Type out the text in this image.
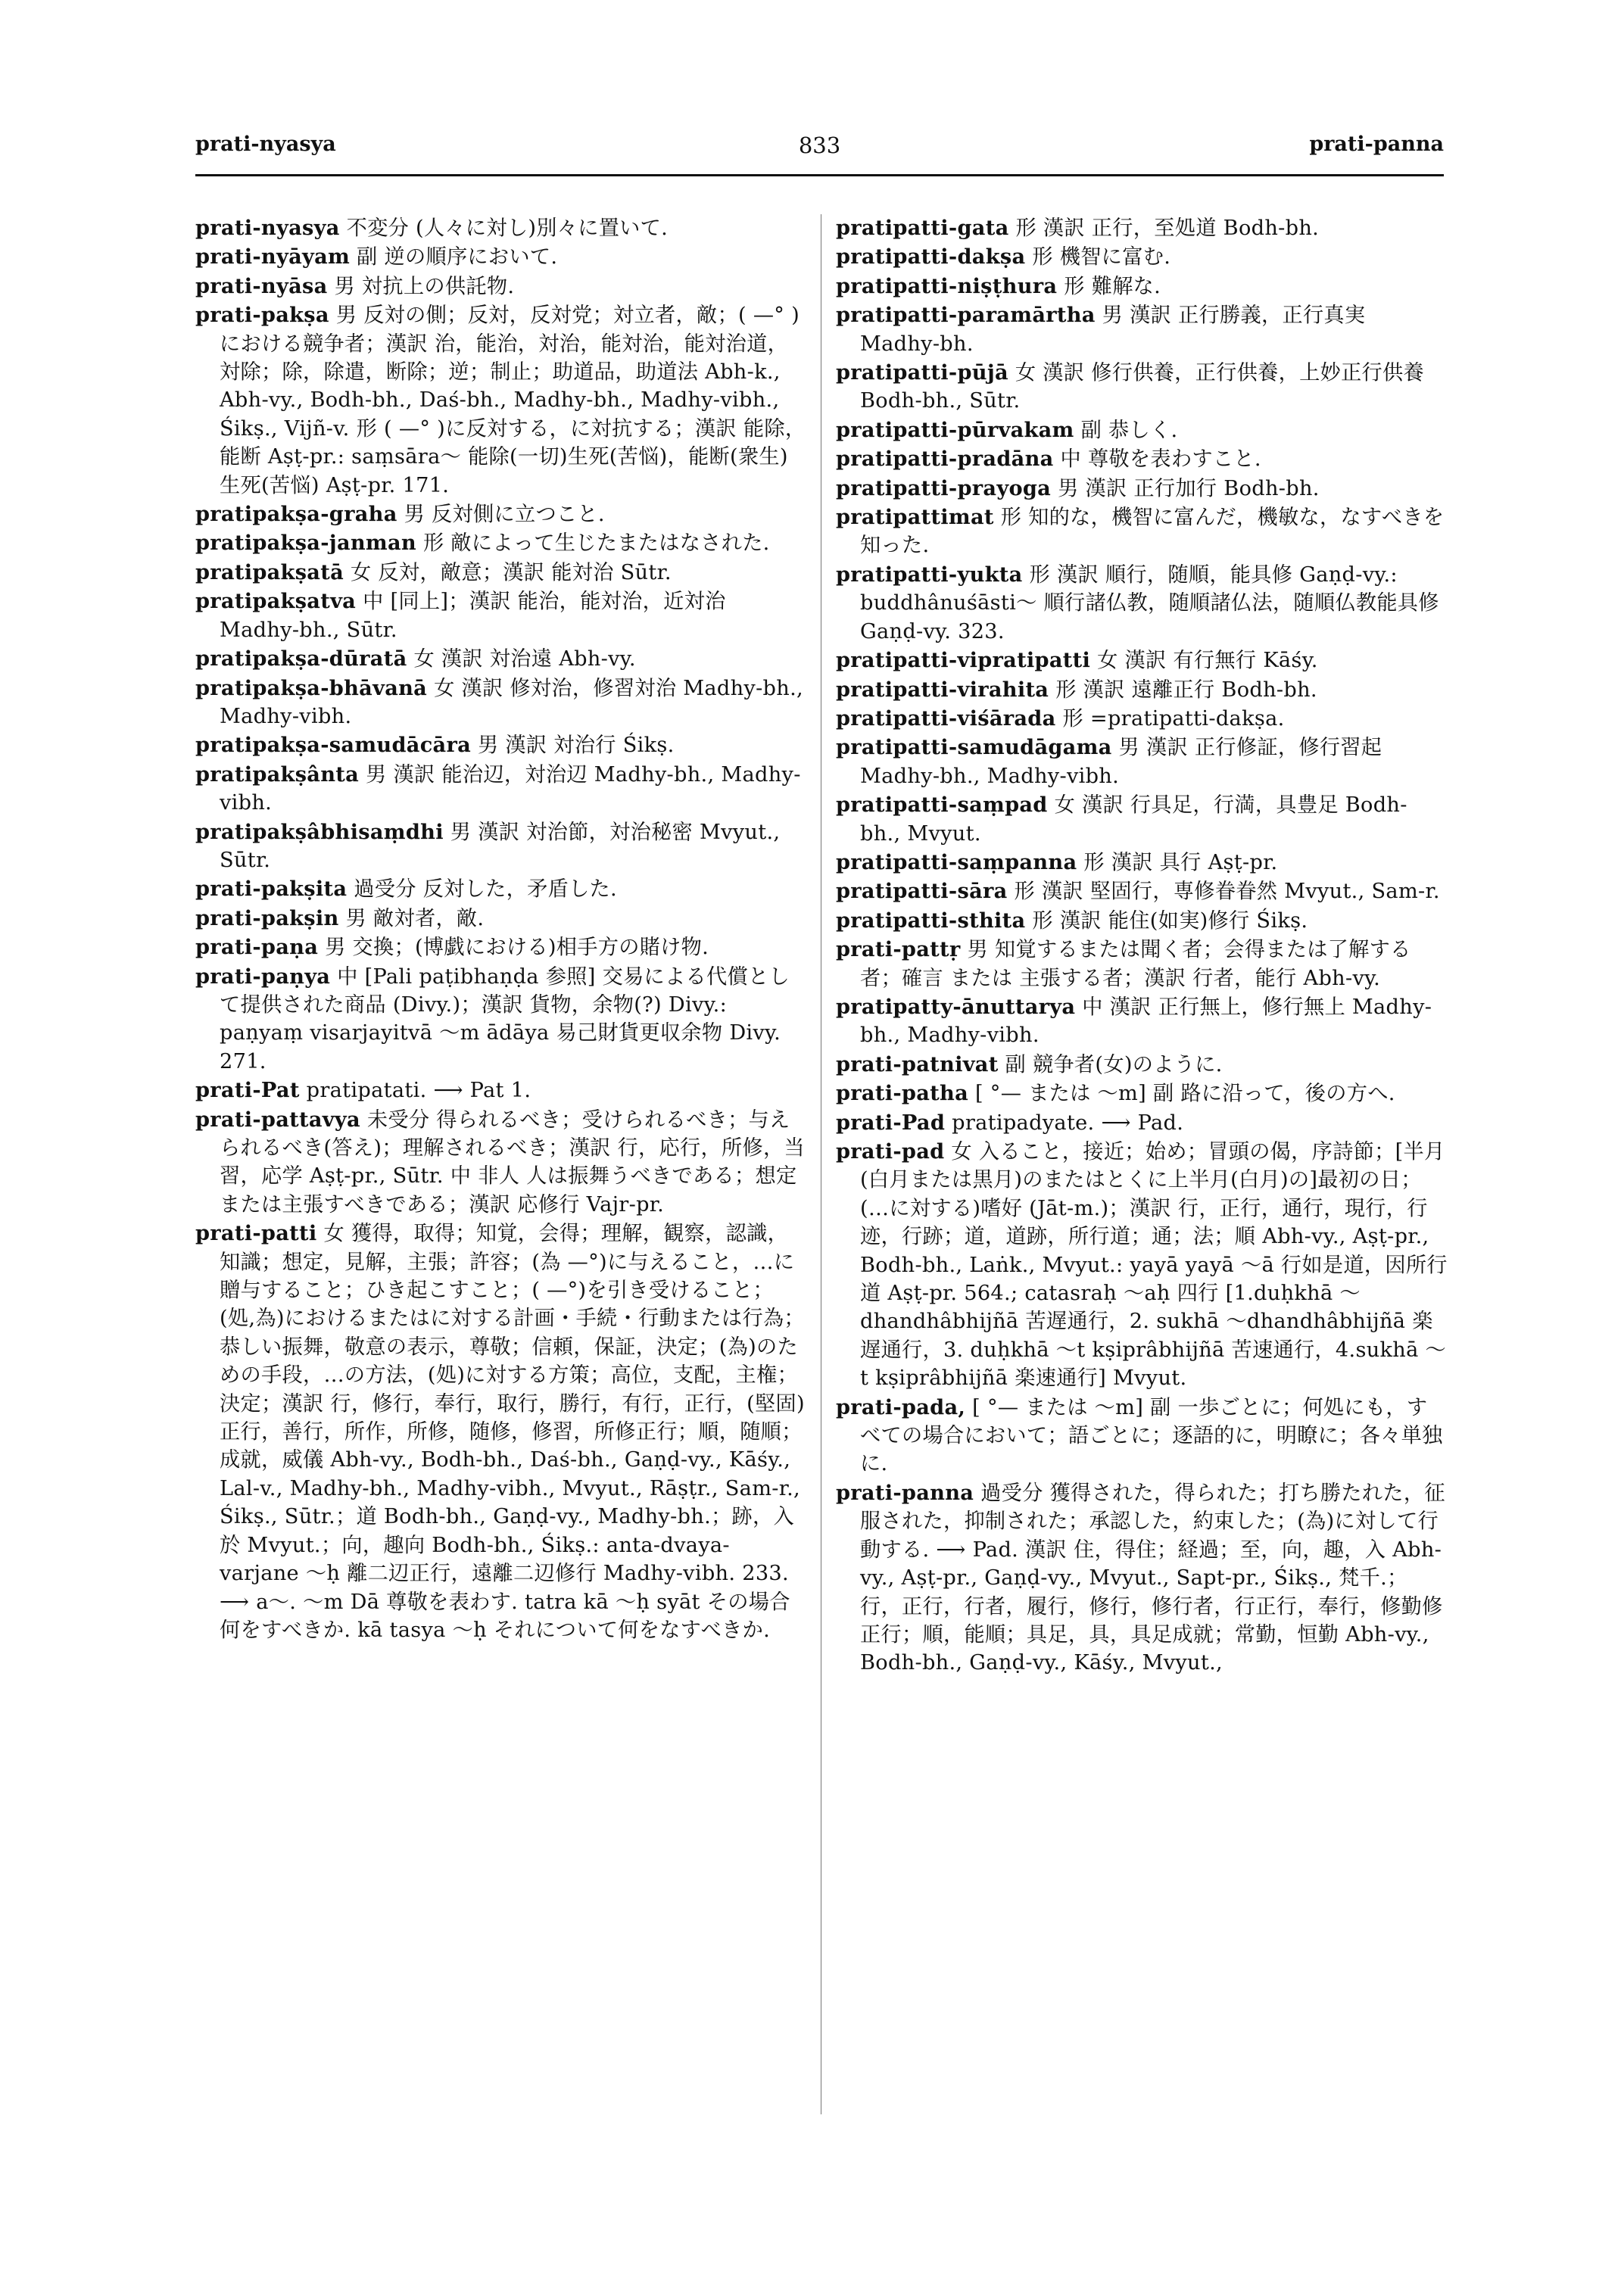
prati-nyasya	833	prati-panna

prati-nyasya 不変分 (人々に対し)別々に置いて.

prati-nyāyam 副 逆の順序において.

prati-nyāsa 男 対抗上の供託物.

prati-pakṣa 男 反対の側；反対，反対党；対立者，敵；( —° )における競争者；漢訳 治，能治，対治，能対治，能対治道，対除；除，除遣，断除；逆；制止；助道品，助道法 Abh-k., Abh-vy., Bodh-bh., Daś-bh., Madhy-bh., Madhy-vibh., Śikṣ., Vijñ-v. 形 ( —° )に反対する，に対抗する；漢訳 能除，能断 Aṣṭ-pr.: saṃsāra～ 能除(一切)生死(苦悩)，能断(衆生)生死(苦悩) Aṣṭ-pr. 171.

pratipakṣa-graha 男 反対側に立つこと.

pratipakṣa-janman 形 敵によって生じたまたはなされた.

pratipakṣatā 女 反対，敵意；漢訳 能対治 Sūtr.

pratipakṣatva 中 [同上]；漢訳 能治，能対治，近対治 Madhy-bh., Sūtr.

pratipakṣa-dūratā 女 漢訳 対治遠 Abh-vy.

pratipakṣa-bhāvanā 女 漢訳 修対治，修習対治 Madhy-bh., Madhy-vibh.

pratipakṣa-samudācāra 男 漢訳 対治行 Śikṣ.

pratipakṣânta 男 漢訳 能治辺，対治辺 Madhy-bh., Madhy-vibh.

pratipakṣâbhisaṃdhi 男 漢訳 対治節，対治秘密 Mvyut., Sūtr.

prati-pakṣita 過受分 反対した，矛盾した.

prati-pakṣin 男 敵対者，敵.

prati-paṇa 男 交換；(博戯における)相手方の賭け物.

prati-paṇya 中 [Pali paṭibhaṇḍa 参照] 交易による代償として提供された商品 (Divy.)；漢訳 貨物，余物(?) Divy.: paṇyaṃ visarjayitvā ～m ādāya 易己財貨更収余物 Divy. 271.

prati-Pat pratipatati. ⟶ Pat 1.

prati-pattavya 未受分 得られるべき；受けられるべき；与えられるべき(答え)；理解されるべき；漢訳 行，応行，所修，当習，応学 Aṣṭ-pr., Sūtr. 中 非人 人は振舞うべきである；想定または主張すべきである；漢訳 応修行 Vajr-pr.

prati-patti 女 獲得，取得；知覚，会得；理解，観察，認識，知識；想定，見解，主張；許容；(為 —°)に与えること，…に贈与すること；ひき起こすこと；( —°)を引き受けること；(処,為)におけるまたはに対する計画・手続・行動または行為；恭しい振舞，敬意の表示，尊敬；信頼，保証，決定；(為)のための手段，…の方法，(処)に対する方策；高位，支配，主権；決定；漢訳 行，修行，奉行，取行，勝行，有行，正行，(堅固)正行，善行，所作，所修，随修，修習，所修正行；順，随順；成就，威儀 Abh-vy., Bodh-bh., Daś-bh., Gaṇḍ-vy., Kāśy., Lal-v., Madhy-bh., Madhy-vibh., Mvyut., Rāṣṭr., Sam-r., Śikṣ., Sūtr.；道 Bodh-bh., Gaṇḍ-vy., Madhy-bh.；跡，入於 Mvyut.；向，趣向 Bodh-bh., Śikṣ.: anta-dvaya-varjane ～ḥ 離二辺正行，遠離二辺修行 Madhy-vibh. 233. ⟶ a～. ～m Dā 尊敬を表わす. tatra kā ～ḥ syāt その場合何をすべきか. kā tasya ～ḥ それについて何をなすべきか.

pratipatti-gata 形 漢訳 正行，至処道 Bodh-bh.

pratipatti-dakṣa 形 機智に富む.

pratipatti-niṣṭhura 形 難解な.

pratipatti-paramārtha 男 漢訳 正行勝義，正行真実 Madhy-bh.

pratipatti-pūjā 女 漢訳 修行供養，正行供養，上妙正行供養 Bodh-bh., Sūtr.

pratipatti-pūrvakam 副 恭しく.

pratipatti-pradāna 中 尊敬を表わすこと.

pratipatti-prayoga 男 漢訳 正行加行 Bodh-bh.

pratipattimat 形 知的な，機智に富んだ，機敏な，なすべきを知った.

pratipatti-yukta 形 漢訳 順行，随順，能具修 Gaṇḍ-vy.: buddhânuśāsti～ 順行諸仏教，随順諸仏法，随順仏教能具修 Gaṇḍ-vy. 323.

pratipatti-vipratipatti 女 漢訳 有行無行 Kāśy.

pratipatti-virahita 形 漢訳 遠離正行 Bodh-bh.

pratipatti-viśārada 形 =pratipatti-dakṣa.

pratipatti-samudāgama 男 漢訳 正行修証，修行習起 Madhy-bh., Madhy-vibh.

pratipatti-saṃpad 女 漢訳 行具足，行満，具豊足 Bodh-bh., Mvyut.

pratipatti-saṃpanna 形 漢訳 具行 Aṣṭ-pr.

pratipatti-sāra 形 漢訳 堅固行，専修眷眷然 Mvyut., Sam-r.

pratipatti-sthita 形 漢訳 能住(如実)修行 Śikṣ.

prati-pattṛ 男 知覚するまたは聞く者；会得または了解する者；確言 または 主張する者；漢訳 行者，能行 Abh-vy.

pratipatty-ānuttarya 中 漢訳 正行無上，修行無上 Madhy-bh., Madhy-vibh.

prati-patnivat 副 競争者(女)のように.

prati-patha [ °— または ～m] 副 路に沿って，後の方へ.

prati-Pad pratipadyate. ⟶ Pad.

prati-pad 女 入ること，接近；始め；冒頭の偈，序詩節；[半月(白月または黒月)のまたはとくに上半月(白月)の]最初の日；(…に対する)嗜好 (Jāt-m.)；漢訳 行，正行，通行，現行，行迹，行跡；道，道跡，所行道；通；法；順 Abh-vy., Aṣṭ-pr., Bodh-bh., Laṅk., Mvyut.: yayā yayā ～ā 行如是道，因所行道 Aṣṭ-pr. 564.; catasraḥ ～aḥ 四行 [1.duḥkhā ～dhandhâbhijñā 苦遅通行，2. sukhā ～dhandhâbhijñā 楽遅通行，3. duḥkhā ～t kṣiprâbhijñā 苦速通行，4.sukhā ～t kṣiprâbhijñā 楽速通行] Mvyut.

prati-pada, [ °— または ～m] 副 一歩ごとに；何処にも，すべての場合において；語ごとに；逐語的に，明瞭に；各々単独に.

prati-panna 過受分 獲得された，得られた；打ち勝たれた，征服された，抑制された；承認した，約束した；(為)に対して行動する. ⟶ Pad. 漢訳 住，得住；経過；至，向，趣，入 Abh-vy., Aṣṭ-pr., Gaṇḍ-vy., Mvyut., Sapt-pr., Śikṣ., 梵千.；行，正行，行者，履行，修行，修行者，行正行，奉行，修勤修正行；順，能順；具足，具，具足成就；常勤，恒勤 Abh-vy., Bodh-bh., Gaṇḍ-vy., Kāśy., Mvyut.,
